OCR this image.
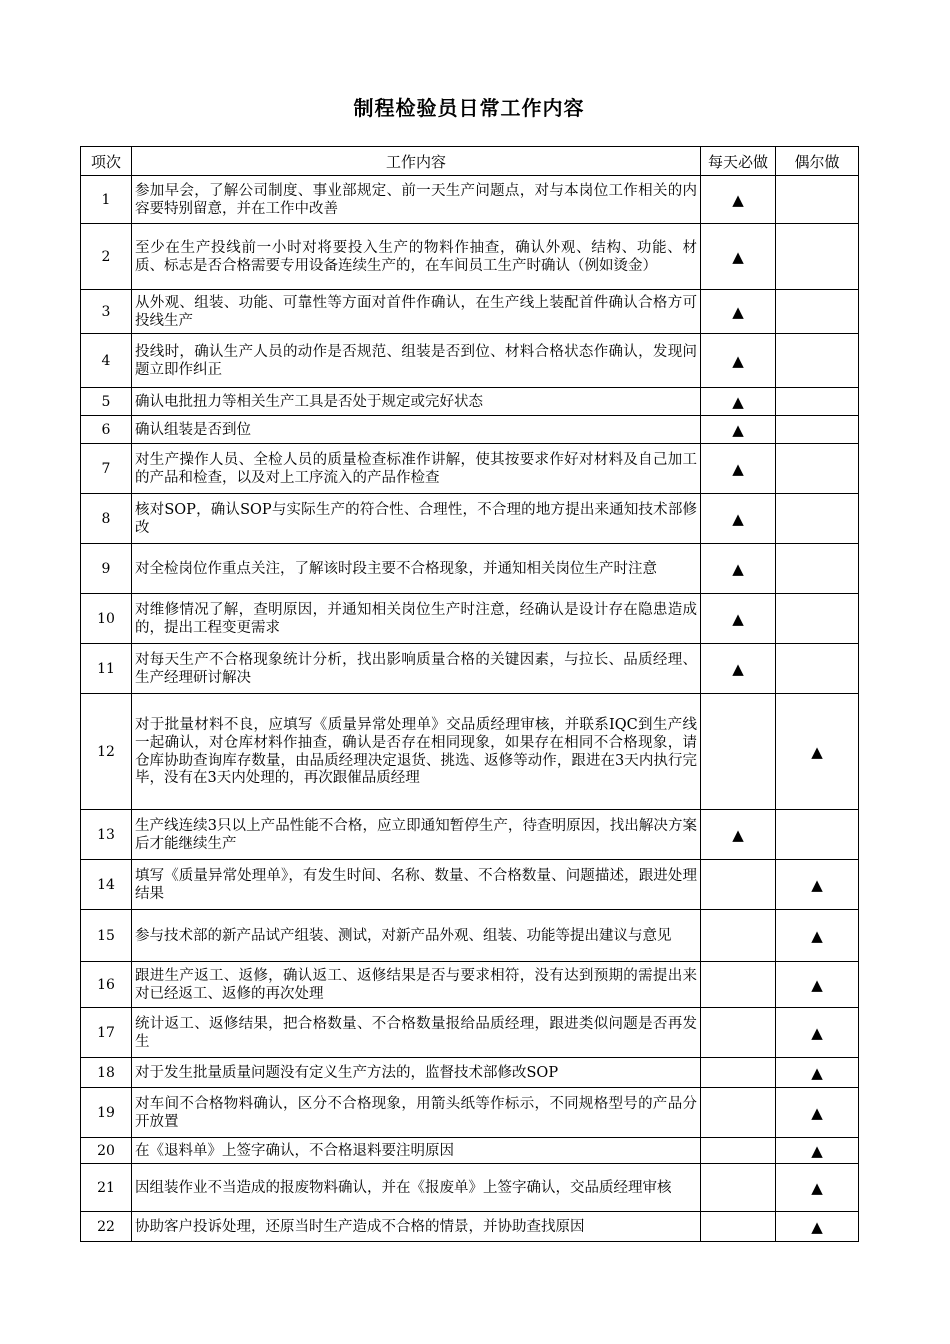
制程检验员日常工作内容
项次	工作内容	每天必做	偶尔做
1	参加早会，了解公司制度、事业部规定、前一天生产问题点，对与本岗位工作相关的内容要特别留意，并在工作中改善	▲	
2	至少在生产投线前一小时对将要投入生产的物料作抽查，确认外观、结构、功能、材质、标志是否合格需要专用设备连续生产的，在车间员工生产时确认（例如烫金）	▲	
3	从外观、组装、功能、可靠性等方面对首件作确认，在生产线上装配首件确认合格方可投线生产	▲	
4	投线时，确认生产人员的动作是否规范、组装是否到位、材料合格状态作确认，发现问题立即作纠正	▲	
5	确认电批扭力等相关生产工具是否处于规定或完好状态	▲	
6	确认组装是否到位	▲	
7	对生产操作人员、全检人员的质量检查标准作讲解，使其按要求作好对材料及自己加工的产品和检查，以及对上工序流入的产品作检查	▲	
8	核对SOP，确认SOP与实际生产的符合性、合理性，不合理的地方提出来通知技术部修改	▲	
9	对全检岗位作重点关注，了解该时段主要不合格现象，并通知相关岗位生产时注意	▲	
10	对维修情况了解，查明原因，并通知相关岗位生产时注意，经确认是设计存在隐患造成的，提出工程变更需求	▲	
11	对每天生产不合格现象统计分析，找出影响质量合格的关键因素，与拉长、品质经理、生产经理研讨解决	▲	
12	对于批量材料不良，应填写《质量异常处理单》交品质经理审核，并联系IQC到生产线一起确认，对仓库材料作抽查，确认是否存在相同现象，如果存在相同不合格现象，请仓库协助查询库存数量，由品质经理决定退货、挑选、返修等动作，跟进在3天内执行完毕，没有在3天内处理的，再次跟催品质经理		▲
13	生产线连续3只以上产品性能不合格，应立即通知暂停生产，待查明原因，找出解决方案后才能继续生产	▲	
14	填写《质量异常处理单》，有发生时间、名称、数量、不合格数量、问题描述，跟进处理结果		▲
15	参与技术部的新产品试产组装、测试，对新产品外观、组装、功能等提出建议与意见		▲
16	跟进生产返工、返修，确认返工、返修结果是否与要求相符，没有达到预期的需提出来对已经返工、返修的再次处理		▲
17	统计返工、返修结果，把合格数量、不合格数量报给品质经理，跟进类似问题是否再发生		▲
18	对于发生批量质量问题没有定义生产方法的，监督技术部修改SOP		▲
19	对车间不合格物料确认，区分不合格现象，用箭头纸等作标示，不同规格型号的产品分开放置		▲
20	在《退料单》上签字确认，不合格退料要注明原因		▲
21	因组装作业不当造成的报废物料确认，并在《报废单》上签字确认，交品质经理审核		▲
22	协助客户投诉处理，还原当时生产造成不合格的情景，并协助查找原因		▲
